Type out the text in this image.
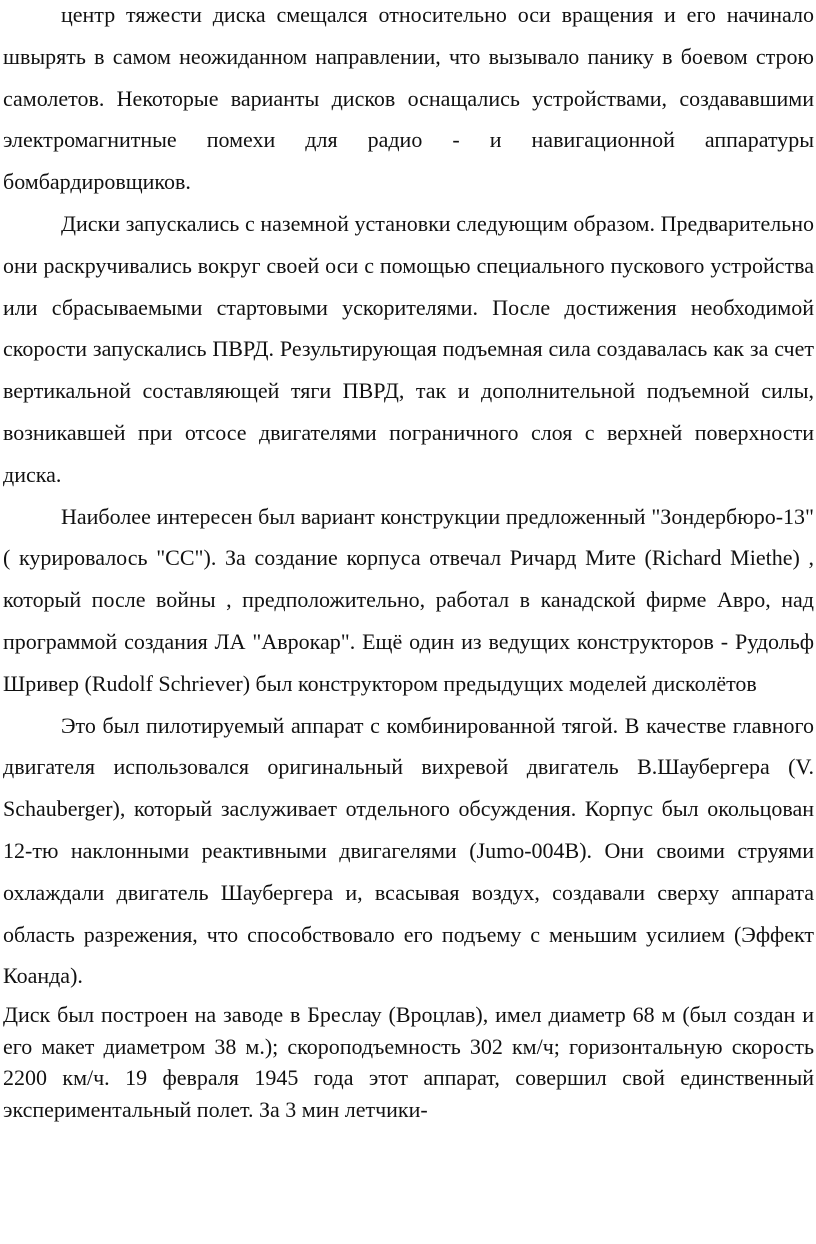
центр тяжести диска смещался относительно оси вращения и его начинало швырять в самом неожиданном направлении, что вызывало панику в боевом строю самолетов. Некоторые варианты дисков оснащались устройствами, создававшими электромагнитные помехи для радио - и навигационной аппаратуры бомбардировщиков.

Диски запускались с наземной установки следующим образом. Предварительно они раскручивались вокруг своей оси с помощью специального пускового устройства или сбрасываемыми стартовыми ускорителями. После достижения необходимой скорости запускались ПВРД. Результирующая подъемная сила создавалась как за счет вертикальной составляющей тяги ПВРД, так и дополнительной подъемной силы, возникавшей при отсосе двигателями пограничного слоя с верхней поверхности диска.

Наиболее интересен был вариант конструкции предложенный "Зондербюро-13" ( курировалось "СС"). За создание корпуса отвечал Ричард Мите (Richard Miethe) , который после войны , предположительно, работал в канадской фирме Авро, над программой создания ЛА "Аврокар". Ещё один из ведущих конструкторов - Рудольф Шривер (Rudolf Schriever) был конструктором предыдущих моделей дисколётов

Это был пилотируемый аппарат с комбинированной тягой. В качестве главного двигателя использовался оригинальный вихревой двигатель В.Шаубергера (V. Schauberger), который заслуживает отдельного обсуждения. Корпус был окольцован 12-тю наклонными реактивными двигагелями (Jumo-004В). Они своими струями охлаждали двигатель Шаубергера и, всасывая воздух, создавали сверху аппарата область разрежения, что способствовало его подъему с меньшим усилием (Эффект Коанда).

Диск был построен на заводе в Бреслау (Вроцлав), имел диаметр 68 м (был создан и его макет диаметром 38 м.); скороподъемность 302 км/ч; горизонтальную скорость 2200 км/ч. 19 февраля 1945 года этот аппарат, совершил свой единственный экспериментальный полет. За 3 мин летчики-
